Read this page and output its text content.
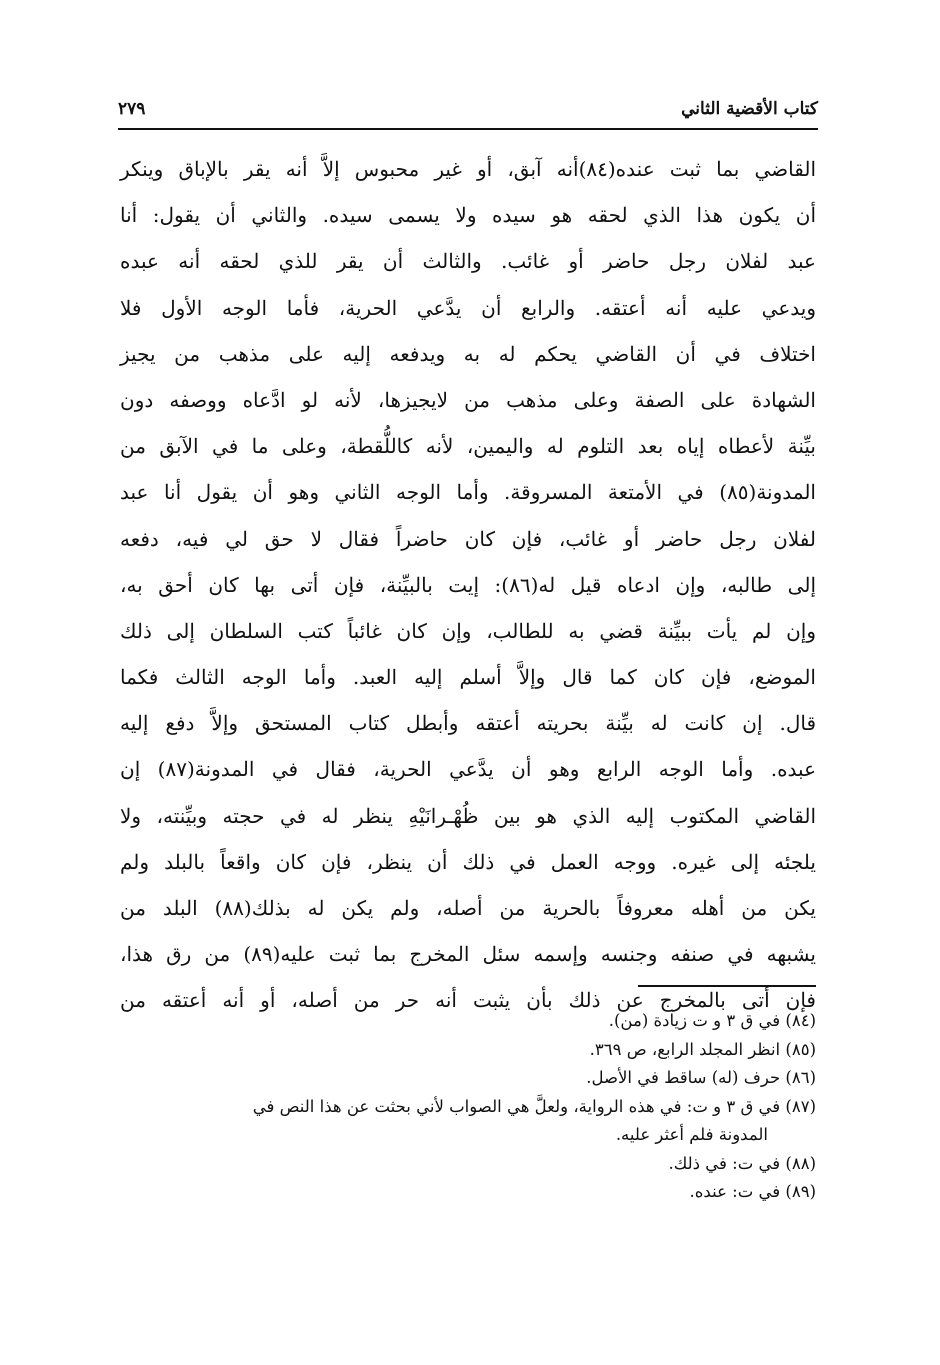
كتاب الأقضية الثاني
٢٧٩
القاضي بما ثبت عنده(٨٤)أنه آبق، أو غير محبوس إلاَّ أنه يقر بالإباق وينكر
أن يكون هذا الذي لحقه هو سيده ولا يسمى سيده. والثاني أن يقول: أنا
عبد لفلان رجل حاضر أو غائب. والثالث أن يقر للذي لحقه أنه عبده
ويدعي عليه أنه أعتقه. والرابع أن يدَّعي الحرية، فأما الوجه الأول فلا
اختلاف في أن القاضي يحكم له به ويدفعه إليه على مذهب من يجيز
الشهادة على الصفة وعلى مذهب من لايجيزها، لأنه لو ادَّعاه ووصفه دون
بيِّنة لأعطاه إياه بعد التلوم له واليمين، لأنه كاللُّقطة، وعلى ما في الآبق من
المدونة(٨٥) في الأمتعة المسروقة. وأما الوجه الثاني وهو أن يقول أنا عبد
لفلان رجل حاضر أو غائب، فإن كان حاضراً فقال لا حق لي فيه، دفعه
إلى طالبه، وإن ادعاه قيل له(٨٦): إيت بالبيِّنة، فإن أتى بها كان أحق به،
وإن لم يأت ببيِّنة قضي به للطالب، وإن كان غائباً كتب السلطان إلى ذلك
الموضع، فإن كان كما قال وإلاَّ أسلم إليه العبد. وأما الوجه الثالث فكما
قال. إن كانت له بيِّنة بحريته أعتقه وأبطل كتاب المستحق وإلاَّ دفع إليه
عبده. وأما الوجه الرابع وهو أن يدَّعي الحرية، فقال في المدونة(٨٧) إن
القاضي المكتوب إليه الذي هو بين ظُهْـرانَيْهِ ينظر له في حجته وبيِّنته، ولا
يلجئه إلى غيره. ووجه العمل في ذلك أن ينظر، فإن كان واقعاً بالبلد ولم
يكن من أهله معروفاً بالحرية من أصله، ولم يكن له بذلك(٨٨) البلد من
يشبهه في صنفه وجنسه وإسمه سئل المخرج بما ثبت عليه(٨٩) من رق هذا،
فإن أتى بالمخرج عن ذلك بأن يثبت أنه حر من أصله، أو أنه أعتقه من
(٨٤) في ق ٣ و ت زيادة (من).
(٨٥) انظر المجلد الرابع، ص ٣٦٩.
(٨٦) حرف (له) ساقط في الأصل.
(٨٧) في ق ٣ و ت: في هذه الرواية، ولعلَّ هي الصواب لأني بحثت عن هذا النص في
المدونة فلم أعثر عليه.
(٨٨) في ت: في ذلك.
(٨٩) في ت: عنده.
